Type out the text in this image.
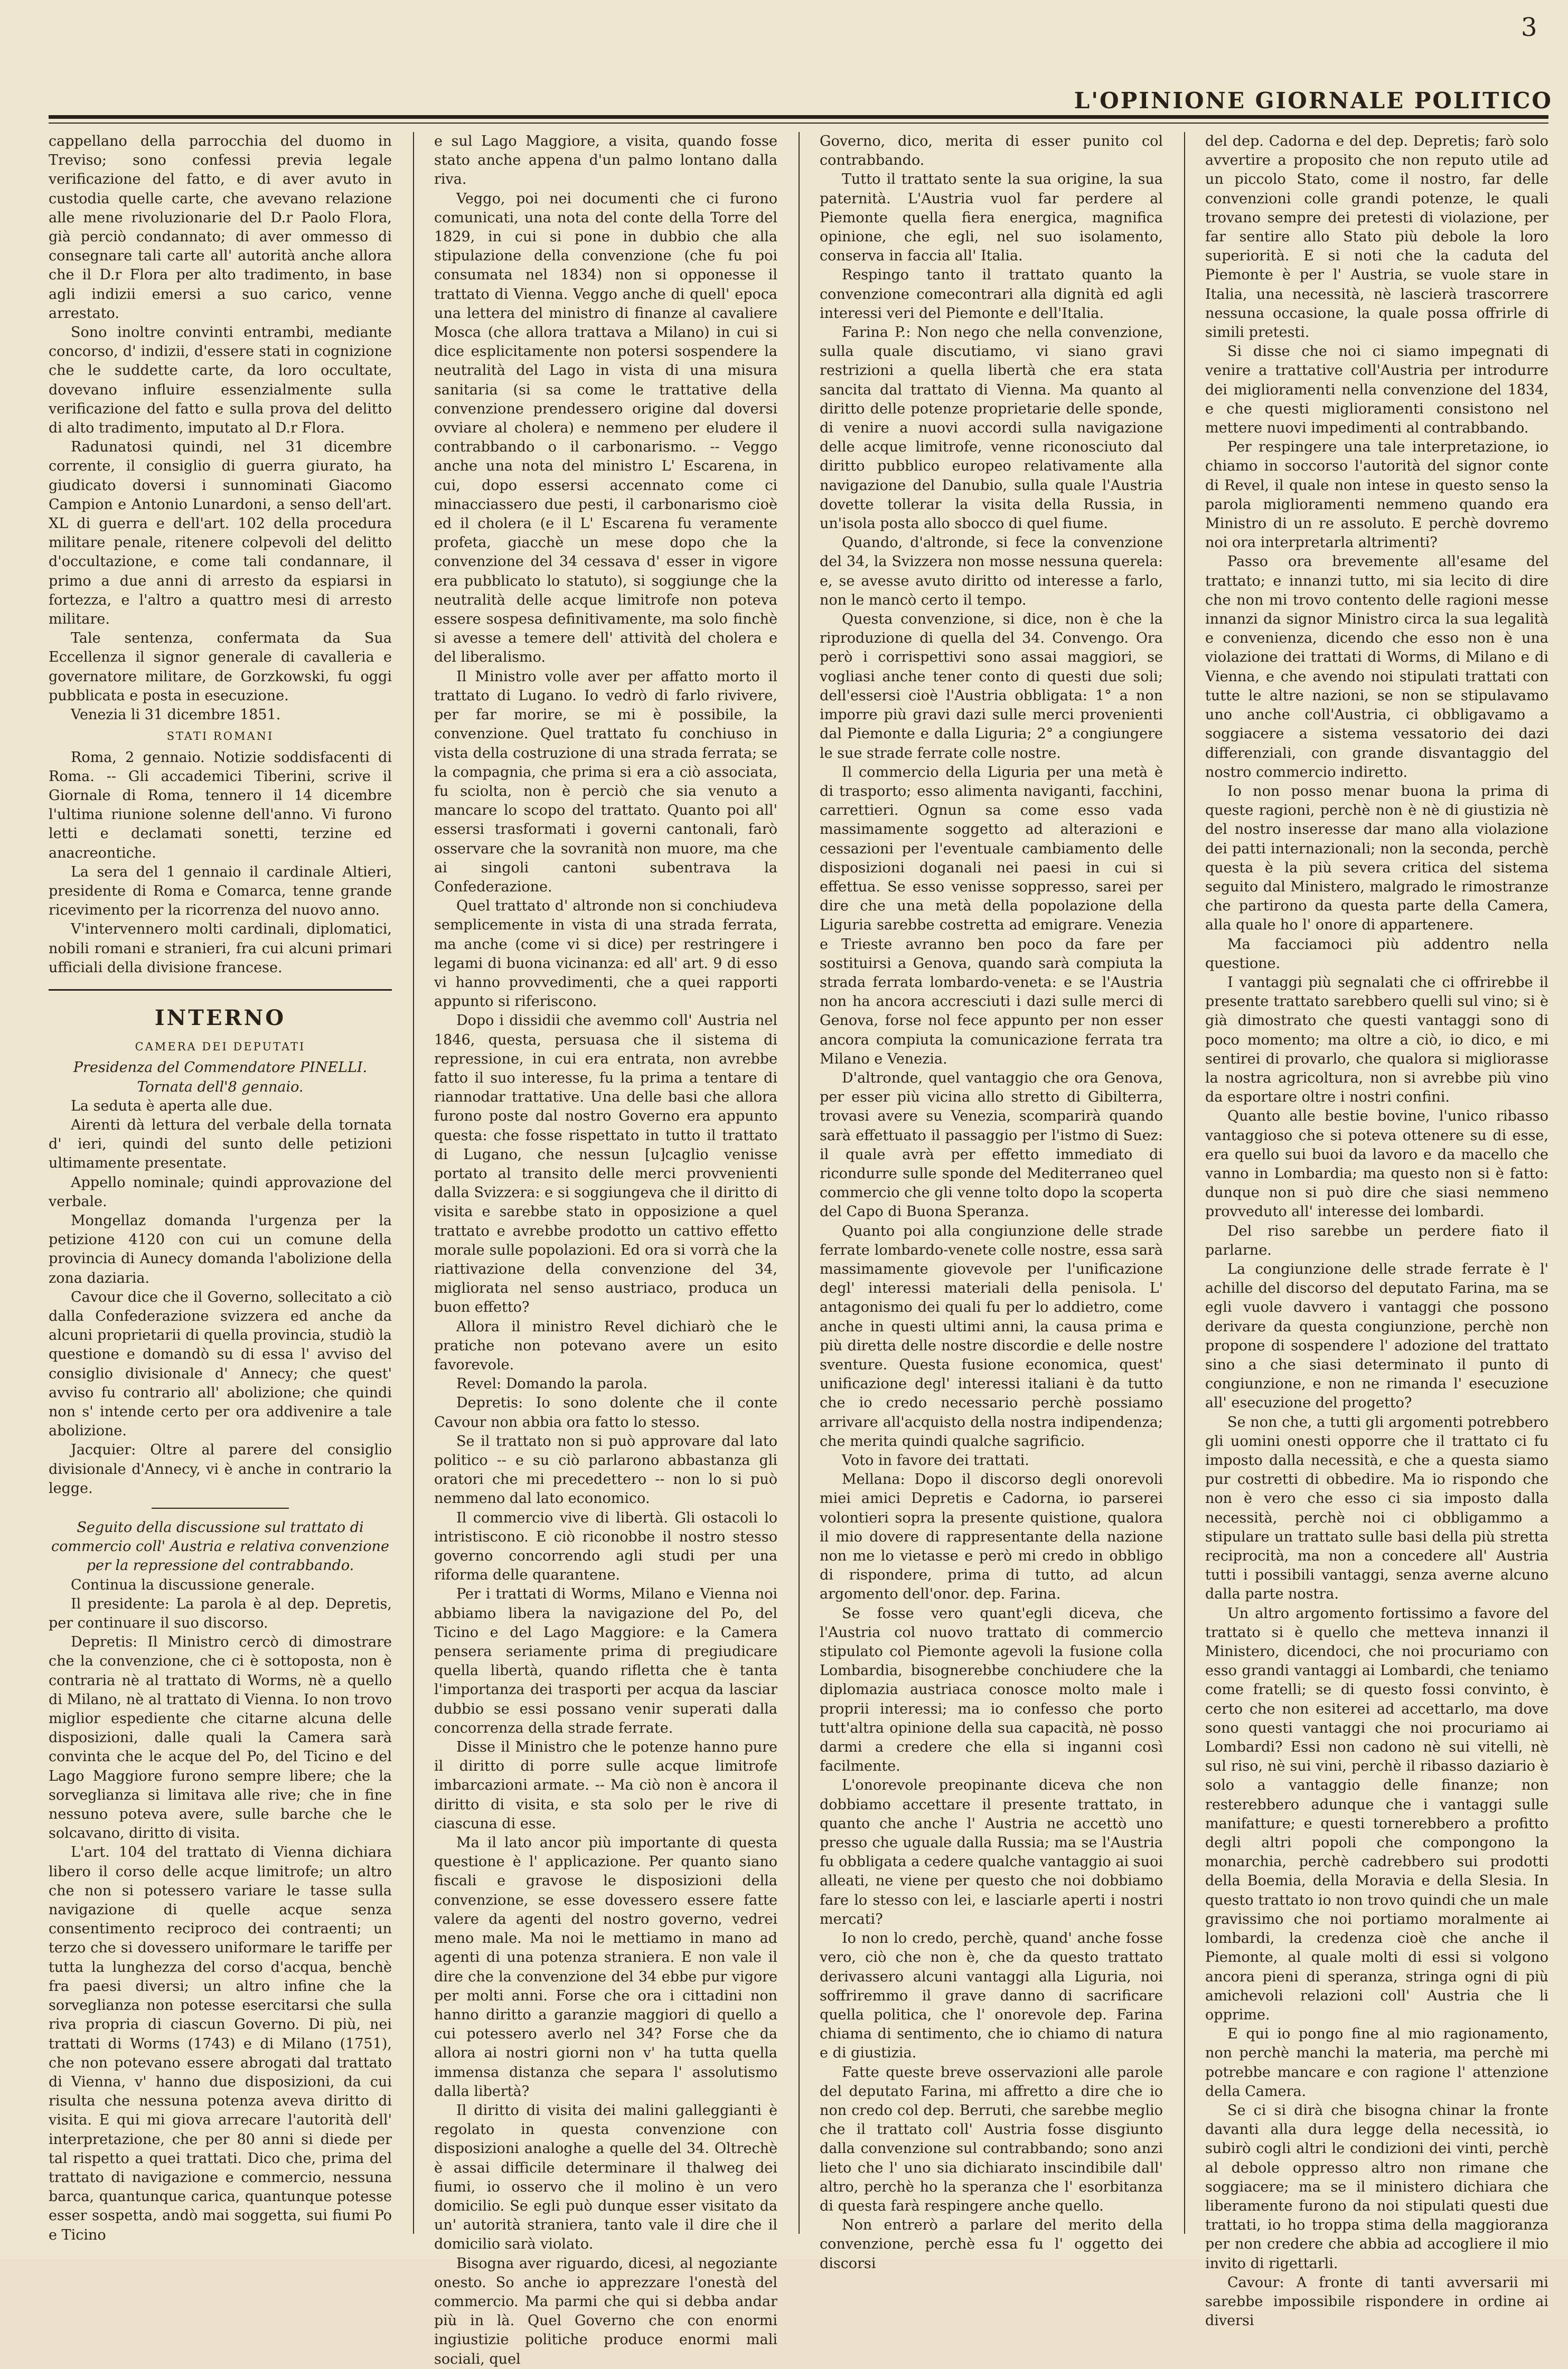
3
L'OPINIONE GIORNALE POLITICO

cappellano della parrocchia del duomo in Treviso; sono confessi previa legale verificazione del fatto, e di aver avuto in custodia quelle carte, che avevano relazione alle mene rivoluzionarie del D.r Paolo Flora, già perciò condannato; di aver ommesso di consegnare tali carte all' autorità anche allora che il D.r Flora per alto tradimento, in base agli indizii emersi a suo carico, venne arrestato.

Sono inoltre convinti entrambi, mediante concorso, d' indizii, d'essere stati in cognizione che le suddette carte, da loro occultate, dovevano influire essenzialmente sulla verificazione del fatto e sulla prova del delitto di alto tradimento, imputato al D.r Flora.

Radunatosi quindi, nel 31 dicembre corrente, il consiglio di guerra giurato, ha giudicato doversi i sunnominati Giacomo Campion e Antonio Lunardoni, a senso dell'art. XL di guerra e dell'art. 102 della procedura militare penale, ritenere colpevoli del delitto d'occultazione, e come tali condannare, il primo a due anni di arresto da espiarsi in fortezza, e l'altro a quattro mesi di arresto militare.

Tale sentenza, confermata da Sua Eccellenza il signor generale di cavalleria e governatore militare, de Gorzkowski, fu oggi pubblicata e posta in esecuzione.

Venezia li 31 dicembre 1851.

STATI ROMANI

Roma, 2 gennaio. Notizie soddisfacenti di Roma. -- Gli accademici Tiberini, scrive il Giornale di Roma, tennero il 14 dicembre l'ultima riunione solenne dell'anno. Vi furono letti e declamati sonetti, terzine ed anacreontiche.

La sera del 1 gennaio il cardinale Altieri, presidente di Roma e Comarca, tenne grande ricevimento per la ricorrenza del nuovo anno.

V'intervennero molti cardinali, diplomatici, nobili romani e stranieri, fra cui alcuni primari ufficiali della divisione francese.

INTERNO

CAMERA DEI DEPUTATI

Presidenza del Commendatore PINELLI.

Tornata dell'8 gennaio.

La seduta è aperta alle due.

Airenti dà lettura del verbale della tornata d' ieri, quindi del sunto delle petizioni ultimamente presentate.

Appello nominale; quindi approvazione del verbale.

Mongellaz domanda l'urgenza per la petizione 4120 con cui un comune della provincia di Aunecy domanda l'abolizione della zona daziaria.

Cavour dice che il Governo, sollecitato a ciò dalla Confederazione svizzera ed anche da alcuni proprietarii di quella provincia, studiò la questione e domandò su di essa l' avviso del consiglio divisionale d' Annecy; che quest' avviso fu contrario all' abolizione; che quindi non s' intende certo per ora addivenire a tale abolizione.

Jacquier: Oltre al parere del consiglio divisionale d'Annecy, vi è anche in contrario la legge.

Seguito della discussione sul trattato di commercio coll' Austria e relativa convenzione per la repressione del contrabbando.

Continua la discussione generale.

Il presidente: La parola è al dep. Depretis, per continuare il suo discorso.

Depretis: Il Ministro cercò di dimostrare che la convenzione, che ci è sottoposta, non è contraria nè al trattato di Worms, nè a quello di Milano, nè al trattato di Vienna. Io non trovo miglior espediente che citarne alcuna delle disposizioni, dalle quali la Camera sarà convinta che le acque del Po, del Ticino e del Lago Maggiore furono sempre libere; che la sorveglianza si limitava alle rive; che in fine nessuno poteva avere, sulle barche che le solcavano, diritto di visita.

L'art. 104 del trattato di Vienna dichiara libero il corso delle acque limitrofe; un altro che non si potessero variare le tasse sulla navigazione di quelle acque senza consentimento reciproco dei contraenti; un terzo che si dovessero uniformare le tariffe per tutta la lunghezza del corso d'acqua, benchè fra paesi diversi; un altro infine che la sorveglianza non potesse esercitarsi che sulla riva propria di ciascun Governo. Di più, nei trattati di Worms (1743) e di Milano (1751), che non potevano essere abrogati dal trattato di Vienna, v' hanno due disposizioni, da cui risulta che nessuna potenza aveva diritto di visita. E qui mi giova arrecare l'autorità dell' interpretazione, che per 80 anni si diede per tal rispetto a quei trattati. Dico che, prima del trattato di navigazione e commercio, nessuna barca, quantunque carica, quantunque potesse esser sospetta, andò mai soggetta, sui fiumi Po e Ticino

e sul Lago Maggiore, a visita, quando fosse stato anche appena d'un palmo lontano dalla riva.

Veggo, poi nei documenti che ci furono comunicati, una nota del conte della Torre del 1829, in cui si pone in dubbio che alla stipulazione della convenzione (che fu poi consumata nel 1834) non si opponesse il trattato di Vienna. Veggo anche di quell' epoca una lettera del ministro di finanze al cavaliere Mosca (che allora trattava a Milano) in cui si dice esplicitamente non potersi sospendere la neutralità del Lago in vista di una misura sanitaria (si sa come le trattative della convenzione prendessero origine dal doversi ovviare al cholera) e nemmeno per eludere il contrabbando o il carbonarismo. -- Veggo anche una nota del ministro L' Escarena, in cui, dopo essersi accennato come ci minacciassero due pesti, il carbonarismo cioè ed il cholera (e il L' Escarena fu veramente profeta, giacchè un mese dopo che la convenzione del 34 cessava d' esser in vigore era pubblicato lo statuto), si soggiunge che la neutralità delle acque limitrofe non poteva essere sospesa definitivamente, ma solo finchè si avesse a temere dell' attività del cholera e del liberalismo.

Il Ministro volle aver per affatto morto il trattato di Lugano. Io vedrò di farlo rivivere, per far morire, se mi è possibile, la convenzione. Quel trattato fu conchiuso in vista della costruzione di una strada ferrata; se la compagnia, che prima si era a ciò associata, fu sciolta, non è perciò che sia venuto a mancare lo scopo del trattato. Quanto poi all' essersi trasformati i governi cantonali, farò osservare che la sovranità non muore, ma che ai singoli cantoni subentrava la Confederazione.

Quel trattato d' altronde non si conchiudeva semplicemente in vista di una strada ferrata, ma anche (come vi si dice) per restringere i legami di buona vicinanza: ed all' art. 9 di esso vi hanno provvedimenti, che a quei rapporti appunto si riferiscono.

Dopo i dissidii che avemmo coll' Austria nel 1846, questa, persuasa che il sistema di repressione, in cui era entrata, non avrebbe fatto il suo interesse, fu la prima a tentare di riannodar trattative. Una delle basi che allora furono poste dal nostro Governo era appunto questa: che fosse rispettato in tutto il trattato di Lugano, che nessun [u]caglio venisse portato al transito delle merci provvenienti dalla Svizzera: e si soggiungeva che il diritto di visita e sarebbe stato in opposizione a quel trattato e avrebbe prodotto un cattivo effetto morale sulle popolazioni. Ed ora si vorrà che la riattivazione della convenzione del 34, migliorata nel senso austriaco, produca un buon effetto?

Allora il ministro Revel dichiarò che le pratiche non potevano avere un esito favorevole.

Revel: Domando la parola.

Depretis: Io sono dolente che il conte Cavour non abbia ora fatto lo stesso.

Se il trattato non si può approvare dal lato politico -- e su ciò parlarono abbastanza gli oratori che mi precedettero -- non lo si può nemmeno dal lato economico.

Il commercio vive di libertà. Gli ostacoli lo intristiscono. E ciò riconobbe il nostro stesso governo concorrendo agli studi per una riforma delle quarantene.

Per i trattati di Worms, Milano e Vienna noi abbiamo libera la navigazione del Po, del Ticino e del Lago Maggiore: e la Camera pensera seriamente prima di pregiudicare quella libertà, quando rifletta che è tanta l'importanza dei trasporti per acqua da lasciar dubbio se essi possano venir superati dalla concorrenza della strade ferrate.

Disse il Ministro che le potenze hanno pure il diritto di porre sulle acque limitrofe imbarcazioni armate. -- Ma ciò non è ancora il diritto di visita, e sta solo per le rive di ciascuna di esse.

Ma il lato ancor più importante di questa questione è l' applicazione. Per quanto siano fiscali e gravose le disposizioni della convenzione, se esse dovessero essere fatte valere da agenti del nostro governo, vedrei meno male. Ma noi le mettiamo in mano ad agenti di una potenza straniera. E non vale il dire che la convenzione del 34 ebbe pur vigore per molti anni. Forse che ora i cittadini non hanno diritto a garanzie maggiori di quello a cui potessero averlo nel 34? Forse che da allora ai nostri giorni non v' ha tutta quella immensa distanza che separa l' assolutismo dalla libertà?

Il diritto di visita dei malini galleggianti è regolato in questa convenzione con disposizioni analoghe a quelle del 34. Oltrechè è assai difficile determinare il thalweg dei fiumi, io osservo che il molino è un vero domicilio. Se egli può dunque esser visitato da un' autorità straniera, tanto vale il dire che il domicilio sarà violato.

Bisogna aver riguardo, dicesi, al negoziante onesto. So anche io apprezzare l'onestà del commercio. Ma parmi che qui si debba andar più in là. Quel Governo che con enormi ingiustizie politiche produce enormi mali sociali, quel

Governo, dico, merita di esser punito col contrabbando.

Tutto il trattato sente la sua origine, la sua paternità. L'Austria vuol far perdere al Piemonte quella fiera energica, magnifica opinione, che egli, nel suo isolamento, conserva in faccia all' Italia.

Respingo tanto il trattato quanto la convenzione comecontrari alla dignità ed agli interessi veri del Piemonte e dell'Italia.

Farina P.: Non nego che nella convenzione, sulla quale discutiamo, vi siano gravi restrizioni a quella libertà che era stata sancita dal trattato di Vienna. Ma quanto al diritto delle potenze proprietarie delle sponde, di venire a nuovi accordi sulla navigazione delle acque limitrofe, venne riconosciuto dal diritto pubblico europeo relativamente alla navigazione del Danubio, sulla quale l'Austria dovette tollerar la visita della Russia, in un'isola posta allo sbocco di quel fiume.

Quando, d'altronde, si fece la convenzione del 34, la Svizzera non mosse nessuna querela: e, se avesse avuto diritto od interesse a farlo, non le mancò certo il tempo.

Questa convenzione, si dice, non è che la riproduzione di quella del 34. Convengo. Ora però i corrispettivi sono assai maggiori, se vogliasi anche tener conto di questi due soli; dell'essersi cioè l'Austria obbligata: 1° a non imporre più gravi dazi sulle merci provenienti dal Piemonte e dalla Liguria; 2° a congiungere le sue strade ferrate colle nostre.

Il commercio della Liguria per una metà è di trasporto; esso alimenta naviganti, facchini, carrettieri. Ognun sa come esso vada massimamente soggetto ad alterazioni e cessazioni per l'eventuale cambiamento delle disposizioni doganali nei paesi in cui si effettua. Se esso venisse soppresso, sarei per dire che una metà della popolazione della Liguria sarebbe costretta ad emigrare. Venezia e Trieste avranno ben poco da fare per sostituirsi a Genova, quando sarà compiuta la strada ferrata lombardo-veneta: e se l'Austria non ha ancora accresciuti i dazi sulle merci di Genova, forse nol fece appunto per non esser ancora compiuta la comunicazione ferrata tra Milano e Venezia.

D'altronde, quel vantaggio che ora Genova, per esser più vicina allo stretto di Gibilterra, trovasi avere su Venezia, scomparirà quando sarà effettuato il passaggio per l'istmo di Suez: il quale avrà per effetto immediato di ricondurre sulle sponde del Mediterraneo quel commercio che gli venne tolto dopo la scoperta del Capo di Buona Speranza.

Quanto poi alla congiunzione delle strade ferrate lombardo-venete colle nostre, essa sarà massimamente giovevole per l'unificazione degl' interessi materiali della penisola. L' antagonismo dei quali fu per lo addietro, come anche in questi ultimi anni, la causa prima e più diretta delle nostre discordie e delle nostre sventure. Questa fusione economica, quest' unificazione degl' interessi italiani è da tutto che io credo necessario perchè possiamo arrivare all'acquisto della nostra indipendenza; che merita quindi qualche sagrificio.

Voto in favore dei trattati.

Mellana: Dopo il discorso degli onorevoli miei amici Depretis e Cadorna, io parserei volontieri sopra la presente quistione, qualora il mio dovere di rappresentante della nazione non me lo vietasse e però mi credo in obbligo di rispondere, prima di tutto, ad alcun argomento dell'onor. dep. Farina.

Se fosse vero quant'egli diceva, che l'Austria col nuovo trattato di commercio stipulato col Piemonte agevoli la fusione colla Lombardia, bisognerebbe conchiudere che la diplomazia austriaca conosce molto male i proprii interessi; ma io confesso che porto tutt'altra opinione della sua capacità, nè posso darmi a credere che ella si inganni così facilmente.

L'onorevole preopinante diceva che non dobbiamo accettare il presente trattato, in quanto che anche l' Austria ne accettò uno presso che uguale dalla Russia; ma se l'Austria fu obbligata a cedere qualche vantaggio ai suoi alleati, ne viene per questo che noi dobbiamo fare lo stesso con lei, e lasciarle aperti i nostri mercati?

Io non lo credo, perchè, quand' anche fosse vero, ciò che non è, che da questo trattato derivassero alcuni vantaggi alla Liguria, noi soffriremmo il grave danno di sacrificare quella politica, che l' onorevole dep. Farina chiama di sentimento, che io chiamo di natura e di giustizia.

Fatte queste breve osservazioni alle parole del deputato Farina, mi affretto a dire che io non credo col dep. Berruti, che sarebbe meglio che il trattato coll' Austria fosse disgiunto dalla convenzione sul contrabbando; sono anzi lieto che l' uno sia dichiarato inscindibile dall' altro, perchè ho la speranza che l' esorbitanza di questa farà respingere anche quello.

Non entrerò a parlare del merito della convenzione, perchè essa fu l' oggetto dei discorsi

del dep. Cadorna e del dep. Depretis; farò solo avvertire a proposito che non reputo utile ad un piccolo Stato, come il nostro, far delle convenzioni colle grandi potenze, le quali trovano sempre dei pretesti di violazione, per far sentire allo Stato più debole la loro superiorità. E si noti che la caduta del Piemonte è per l' Austria, se vuole stare in Italia, una necessità, nè lascierà trascorrere nessuna occasione, la quale possa offrirle di simili pretesti.

Si disse che noi ci siamo impegnati di venire a trattative coll'Austria per introdurre dei miglioramenti nella convenzione del 1834, e che questi miglioramenti consistono nel mettere nuovi impedimenti al contrabbando.

Per respingere una tale interpretazione, io chiamo in soccorso l'autorità del signor conte di Revel, il quale non intese in questo senso la parola miglioramenti nemmeno quando era Ministro di un re assoluto. E perchè dovremo noi ora interpretarla altrimenti?

Passo ora brevemente all'esame del trattato; e innanzi tutto, mi sia lecito di dire che non mi trovo contento delle ragioni messe innanzi da signor Ministro circa la sua legalità e convenienza, dicendo che esso non è una violazione dei trattati di Worms, di Milano e di Vienna, e che avendo noi stipulati trattati con tutte le altre nazioni, se non se stipulavamo uno anche coll'Austria, ci obbligavamo a soggiacere a sistema vessatorio dei dazi differenziali, con grande disvantaggio del nostro commercio indiretto.

Io non posso menar buona la prima di queste ragioni, perchè non è nè di giustizia nè del nostro inseresse dar mano alla violazione dei patti internazionali; non la seconda, perchè questa è la più severa critica del sistema seguito dal Ministero, malgrado le rimostranze che partirono da questa parte della Camera, alla quale ho l' onore di appartenere.

Ma facciamoci più addentro nella questione.

I vantaggi più segnalati che ci offrirebbe il presente trattato sarebbero quelli sul vino; si è già dimostrato che questi vantaggi sono di poco momento; ma oltre a ciò, io dico, e mi sentirei di provarlo, che qualora si migliorasse la nostra agricoltura, non si avrebbe più vino da esportare oltre i nostri confini.

Quanto alle bestie bovine, l'unico ribasso vantaggioso che si poteva ottenere su di esse, era quello sui buoi da lavoro e da macello che vanno in Lombardia; ma questo non si è fatto: dunque non si può dire che siasi nemmeno provveduto all' interesse dei lombardi.

Del riso sarebbe un perdere fiato il parlarne.

La congiunzione delle strade ferrate è l' achille del discorso del deputato Farina, ma se egli vuole davvero i vantaggi che possono derivare da questa congiunzione, perchè non propone di sospendere l' adozione del trattato sino a che siasi determinato il punto di congiunzione, e non ne rimanda l' esecuzione all' esecuzione del progetto?

Se non che, a tutti gli argomenti potrebbero gli uomini onesti opporre che il trattato ci fu imposto dalla necessità, e che a questa siamo pur costretti di obbedire. Ma io rispondo che non è vero che esso ci sia imposto dalla necessità, perchè noi ci obbligammo a stipulare un trattato sulle basi della più stretta reciprocità, ma non a concedere all' Austria tutti i possibili vantaggi, senza averne alcuno dalla parte nostra.

Un altro argomento fortissimo a favore del trattato si è quello che metteva innanzi il Ministero, dicendoci, che noi procuriamo con esso grandi vantaggi ai Lombardi, che teniamo come fratelli; se di questo fossi convinto, è certo che non esiterei ad accettarlo, ma dove sono questi vantaggi che noi procuriamo ai Lombardi? Essi non cadono nè sui vitelli, nè sul riso, nè sui vini, perchè il ribasso daziario è solo a vantaggio delle finanze; non resterebbero adunque che i vantaggi sulle manifatture; e questi tornerebbero a profitto degli altri popoli che compongono la monarchia, perchè cadrebbero sui prodotti della Boemia, della Moravia e della Slesia. In questo trattato io non trovo quindi che un male gravissimo che noi portiamo moralmente ai lombardi, la credenza cioè che anche il Piemonte, al quale molti di essi si volgono ancora pieni di speranza, stringa ogni di più amichevoli relazioni coll' Austria che li opprime.

E qui io pongo fine al mio ragionamento, non perchè manchi la materia, ma perchè mi potrebbe mancare e con ragione l' attenzione della Camera.

Se ci si dirà che bisogna chinar la fronte davanti alla dura legge della necessità, io subirò cogli altri le condizioni dei vinti, perchè al debole oppresso altro non rimane che soggiacere; ma se il ministero dichiara che liberamente furono da noi stipulati questi due trattati, io ho troppa stima della maggioranza per non credere che abbia ad accogliere il mio invito di rigettarli.

Cavour: A fronte di tanti avversarii mi sarebbe impossibile rispondere in ordine ai diversi
